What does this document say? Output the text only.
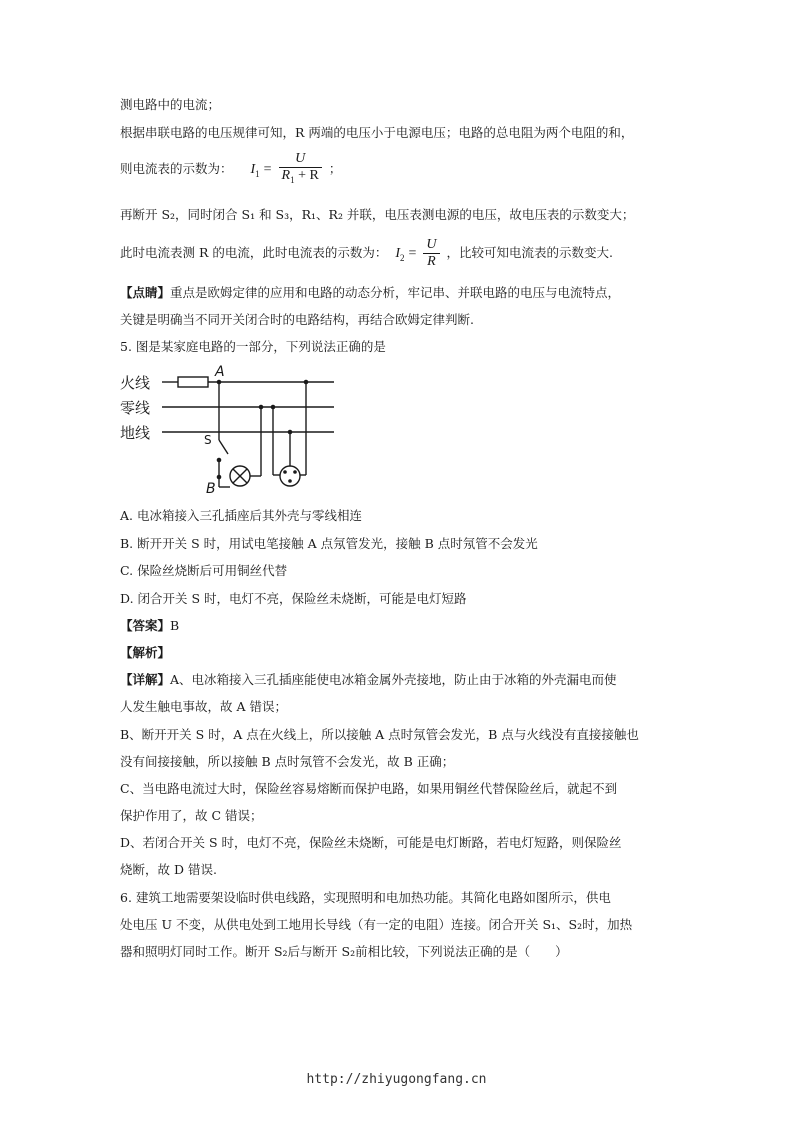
测电路中的电流；
根据串联电路的电压规律可知，R 两端的电压小于电源电压；电路的总电阻为两个电阻的和，
则电流表的示数为： $I_1 = \frac{U}{R_1 + R}$ ；
再断开 S₂，同时闭合 S₁ 和 S₃，R₁、R₂ 并联，电压表测电源的电压，故电压表的示数变大；
此时电流表测 R 的电流，此时电流表的示数为： $I_2 = \frac{U}{R}$ ，比较可知电流表的示数变大.
【点睛】重点是欧姆定律的应用和电路的动态分析，牢记串、并联电路的电压与电流特点，
关键是明确当不同开关闭合时的电路结构，再结合欧姆定律判断.
5. 图是某家庭电路的一部分，下列说法正确的是
火线
零线
地线
A
B
S
A. 电冰箱接入三孔插座后其外壳与零线相连
B. 断开开关 S 时，用试电笔接触 A 点氖管发光，接触 B 点时氖管不会发光
C. 保险丝烧断后可用铜丝代替
D. 闭合开关 S 时，电灯不亮，保险丝未烧断，可能是电灯短路
【答案】B
【解析】
【详解】A、电冰箱接入三孔插座能使电冰箱金属外壳接地，防止由于冰箱的外壳漏电而使
人发生触电事故，故 A 错误；
B、断开开关 S 时，A 点在火线上，所以接触 A 点时氖管会发光，B 点与火线没有直接接触也
没有间接接触，所以接触 B 点时氖管不会发光，故 B 正确；
C、当电路电流过大时，保险丝容易熔断而保护电路，如果用铜丝代替保险丝后，就起不到
保护作用了，故 C 错误；
D、若闭合开关 S 时，电灯不亮，保险丝未烧断，可能是电灯断路，若电灯短路，则保险丝
烧断，故 D 错误.
6. 建筑工地需要架设临时供电线路，实现照明和电加热功能。其简化电路如图所示，供电
处电压 U 不变，从供电处到工地用长导线（有一定的电阻）连接。闭合开关 S₁、S₂时，加热
器和照明灯同时工作。断开 S₂后与断开 S₂前相比较，下列说法正确的是（　　）
http://zhiyugongfang.cn
